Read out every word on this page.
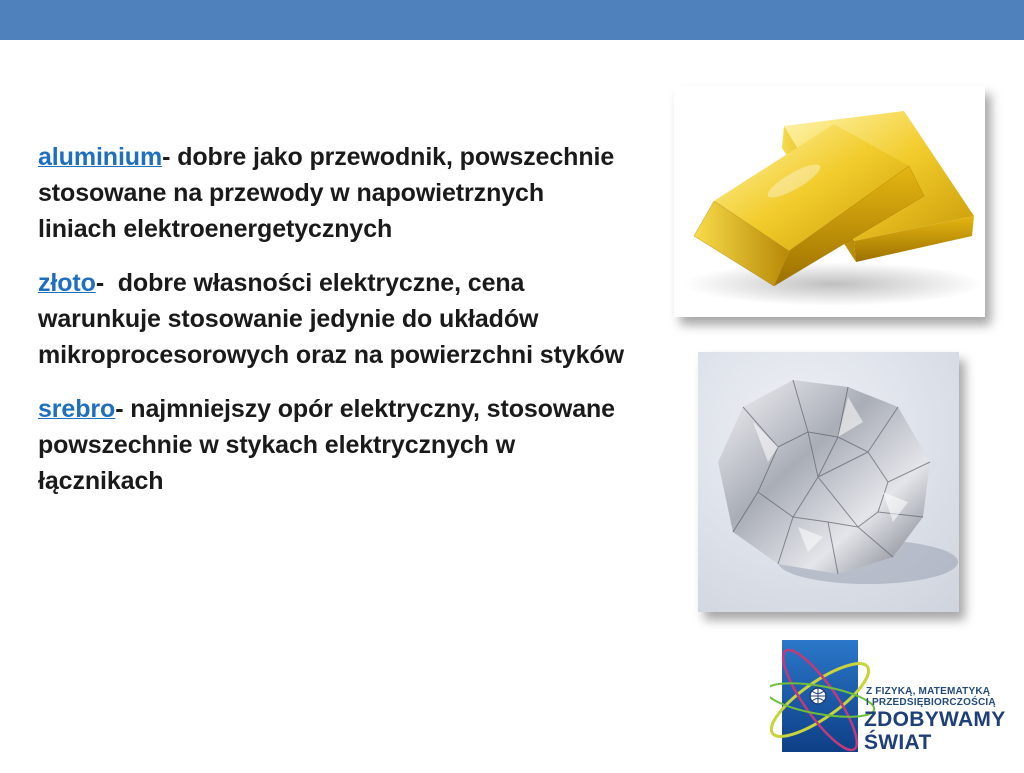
aluminium- dobre jako przewodnik, powszechnie stosowane na przewody w napowietrznych liniach elektroenergetycznych

złoto-  dobre własności elektryczne, cena warunkuje stosowanie jedynie do układów mikroprocesorowych oraz na powierzchni styków

srebro- najmniejszy opór elektryczny, stosowane powszechnie w stykach elektrycznych w łącznikach

Z FIZYKĄ, MATEMATYKĄ
I PRZEDSIĘBIORCZOŚCIĄ
ZDOBYWAMY
ŚWIAT
